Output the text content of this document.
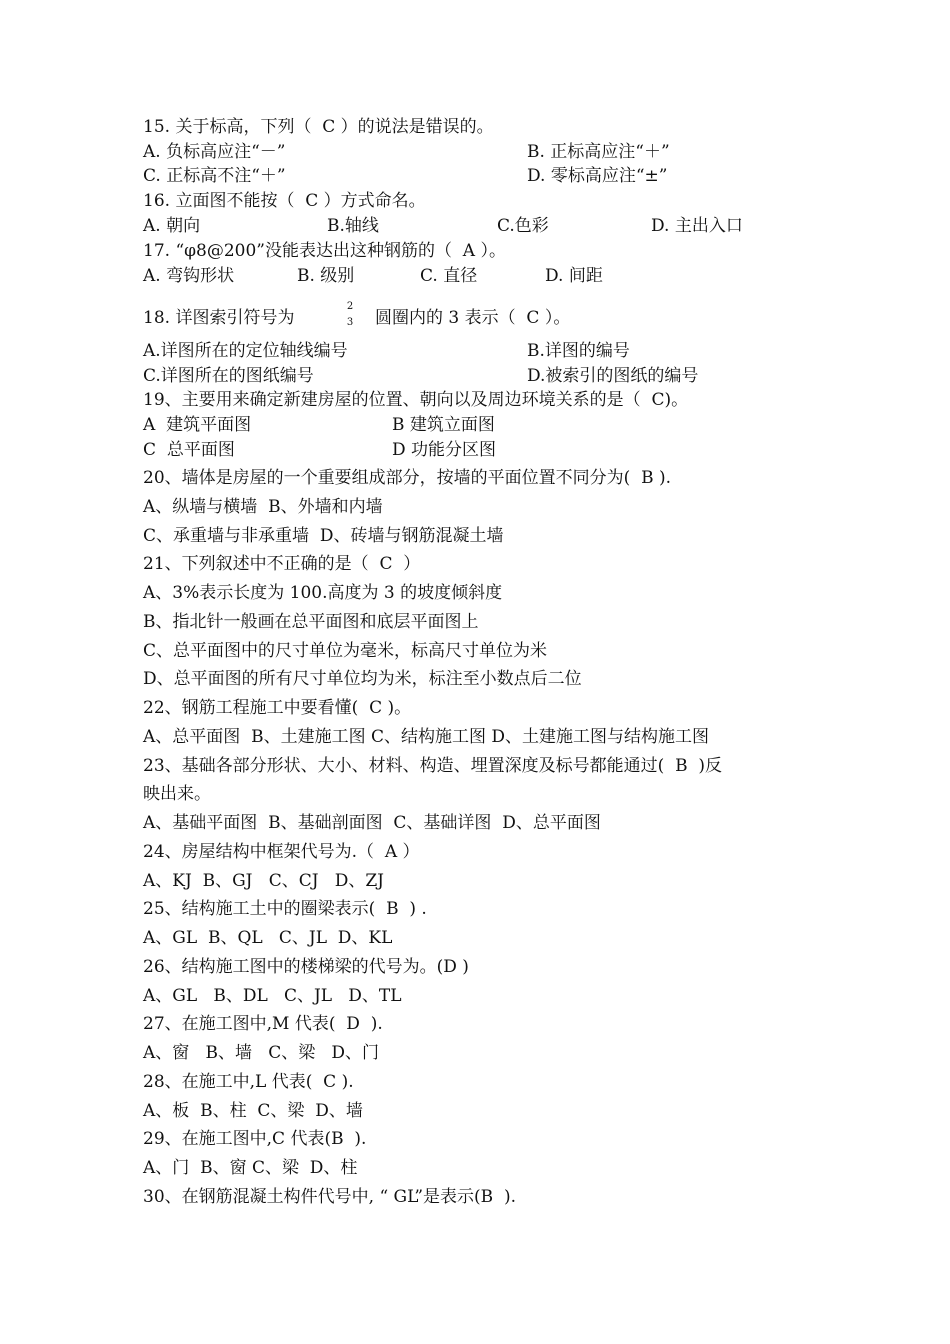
15. 关于标高，下列（  C ）的说法是错误的。
A. 负标高应注“－”	B. 正标高应注“＋”
C. 正标高不注“＋”	D. 零标高应注“±”
16. 立面图不能按（  C ）方式命名。
A. 朝向	B.轴线	C.色彩	D. 主出入口
17. “φ8@200”没能表达出这种钢筋的（  A ）。
A. 弯钩形状	B. 级别	C. 直径	D. 间距
18. 详图索引符号为
2
3 圆圈内的 3 表示（  C ）。
A.详图所在的定位轴线编号	B.详图的编号
C.详图所在的图纸编号	D.被索引的图纸的编号
19、主要用来确定新建房屋的位置、朝向以及周边环境关系的是（  C)。
A  建筑平面图	B 建筑立面图
C  总平面图	D 功能分区图
20、墙体是房屋的一个重要组成部分，按墙的平面位置不同分为(  B ).
A、纵墙与横墙  B、外墙和内墙
C、承重墙与非承重墙  D、砖墙与钢筋混凝土墙
21、下列叙述中不正确的是（  C  ）
A、3%表示长度为 100.高度为 3 的坡度倾斜度
B、指北针一般画在总平面图和底层平面图上
C、总平面图中的尺寸单位为毫米，标高尺寸单位为米
D、总平面图的所有尺寸单位均为米，标注至小数点后二位
22、钢筋工程施工中要看懂(  C )。
A、总平面图  B、土建施工图 C、结构施工图 D、土建施工图与结构施工图
23、基础各部分形状、大小、材料、构造、埋置深度及标号都能通过(  B  )反
映出来。
A、基础平面图  B、基础剖面图  C、基础详图  D、总平面图
24、房屋结构中框架代号为.（  A ）
A、KJ  B、GJ   C、CJ   D、ZJ
25、结构施工土中的圈梁表示(  B  ) .
A、GL  B、QL   C、JL  D、KL
26、结构施工图中的楼梯梁的代号为。(D )
A、GL   B、DL   C、JL   D、TL
27、在施工图中,M 代表(  D  ).
A、窗   B、墙   C、梁   D、门
28、在施工中,L 代表(  C ).
A、板  B、柱  C、梁  D、墙
29、在施工图中,C 代表(B  ).
A、门  B、窗 C、梁  D、柱
30、在钢筋混凝土构件代号中, “ GL”是表示(B  ).
